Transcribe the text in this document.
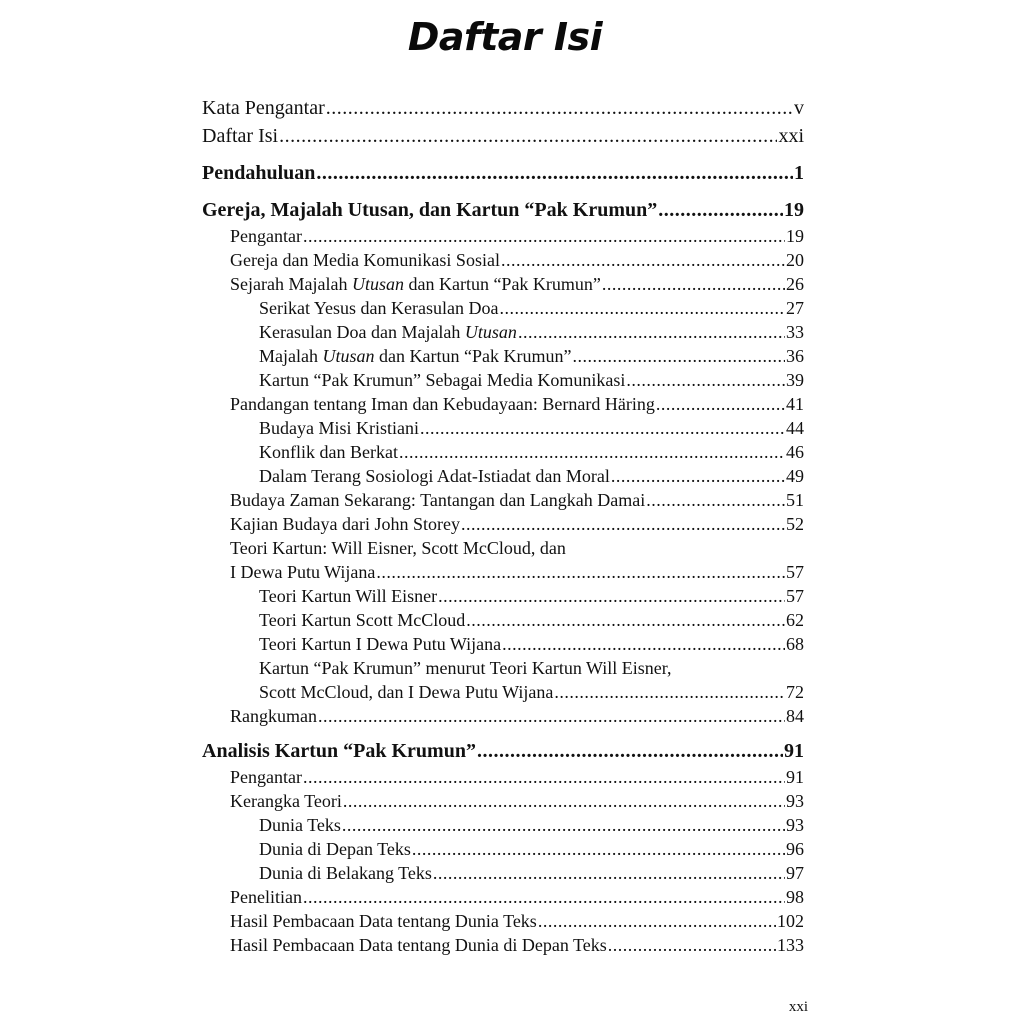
Daftar Isi
Kata Pengantar .....	v
Daftar Isi .....	xxi
Pendahuluan .....	1
Gereja, Majalah Utusan, dan Kartun “Pak Krumun” .....	19
Pengantar .....	19
Gereja dan Media Komunikasi Sosial .....	20
Sejarah Majalah Utusan dan Kartun “Pak Krumun” .....	26
Serikat Yesus dan Kerasulan Doa .....	27
Kerasulan Doa dan Majalah Utusan .....	33
Majalah Utusan dan Kartun “Pak Krumun” .....	36
Kartun “Pak Krumun” Sebagai Media Komunikasi .....	39
Pandangan tentang Iman dan Kebudayaan: Bernard Häring .....	41
Budaya Misi Kristiani .....	44
Konflik dan Berkat .....	46
Dalam Terang Sosiologi Adat-Istiadat dan Moral .....	49
Budaya Zaman Sekarang: Tantangan dan Langkah Damai .....	51
Kajian Budaya dari John Storey .....	52
Teori Kartun: Will Eisner, Scott McCloud, dan
I Dewa Putu Wijana .....	57
Teori Kartun Will Eisner .....	57
Teori Kartun Scott McCloud .....	62
Teori Kartun I Dewa Putu Wijana .....	68
Kartun “Pak Krumun” menurut Teori Kartun Will Eisner,
Scott McCloud, dan I Dewa Putu Wijana .....	72
Rangkuman .....	84
Analisis Kartun “Pak Krumun” .....	91
Pengantar .....	91
Kerangka Teori .....	93
Dunia Teks .....	93
Dunia di Depan Teks .....	96
Dunia di Belakang Teks .....	97
Penelitian .....	98
Hasil Pembacaan Data tentang Dunia Teks .....	102
Hasil Pembacaan Data tentang Dunia di Depan Teks .....	133
xxi
